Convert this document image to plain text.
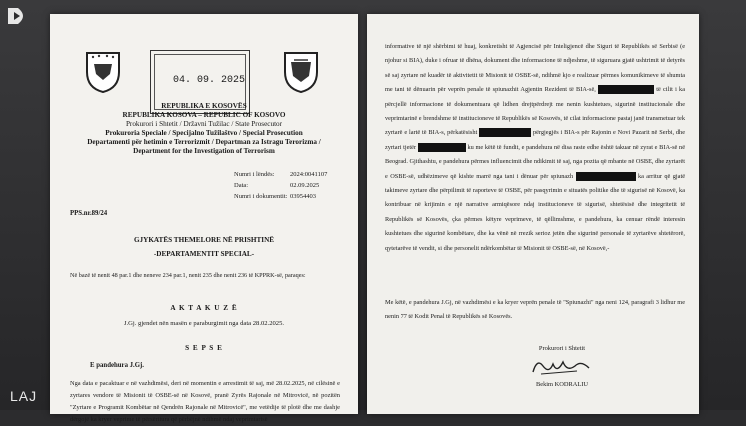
LAJ

04. 09. 2025

REPUBLIKA E KOSOVËS
REPUBLIKA KOSOVA – REPUBLIC OF KOSOVO
Prokurori i Shtetit / Državni Tužilac / State Prosecutor
Prokuroria Speciale / Specijalno Tužilaštvo / Special Prosecution
Departamenti për hetimin e Terrorizmit / Departman za Istragu Terorizma /
Department for the Investigation of Terrorism
Numri i lëndës:	2024:0041107
Data:	02.09.2025
Numri i dokumentit: 03954403
PPS.nr.89/24
GJYKATËS THEMELORE NË PRISHTINË
-DEPARTAMENTIT SPECIAL-
Në bazë të nenit 48 par.1 dhe neneve 234 par.1, nenit 235 dhe nenit 236 të KPPRK-së, paraqes:
A K T A K U Z Ë
J.Gj. gjendet nën masën e paraburgimit nga data 28.02.2025.
S E P S E
E pandehura J.Gj.
Nga data e pacaktuar e në vazhdimësi, deri në momentin e arrestimit të saj, më 28.02.2025, në cilësinë e zyrtares vendore të Misionit të OSBE-së në Kosovë, pranë Zyrës Rajonale në Mitrovicë, në pozitën "Zyrtare e Programit Kombëtar në Qendrën Rajonale në Mitrovicë", me vetëdije të plotë dhe me dashje dërgojë ka kryer veprime të përsëritura që përbëjnë ndihmë ndaj veprimtarisë
informative të një shërbimi të huaj, konkretisht të Agjencisë për Inteligjencë dhe Siguri të Republikës së Serbisë (e njohur si BIA), duke i ofruar të dhëna, dokument dhe informacione të ndjeshme, të siguruara gjatë ushtrimit të detyrës së saj zyrtare në kuadër të aktivitetit të Misionit të OSBE-së, ndihmë kjo e realizuar përmes komunikimeve të shumta me tani të dënuarin për veprën penale të spiunazhit Agjentin Rezident të BIA-së,	të cilit i ka përcjellë informacione të dokumentuara që lidhen drejtpërdrejt me nenin kushtetues, sigurinë institucionale dhe veprimtarinë e brendshme të institucioneve të Republikës së Kosovës, të cilat informacione pastaj janë transmetuar tek zyrtarë e lartë të BIA-s, përkatësisht	përgjegjës i BIA-s për Rajonin e Novi Pazarit në Serbi, dhe zyrtari tjetër	ku me këtë të fundit, e pandehura në disa raste edhe është takuar në zyrat e BIA-së në Beograd. Gjithashtu, e pandehura përmes influencimit dhe ndikimit të saj, nga pozita që mbante në OSBE, dhe zyrtarët e OSBE-së, udhëzimeve që kishte marrë nga tani i dënuar për spiunazh	ka arritur që gjatë takimeve zyrtare dhe përpilimit të raporteve të OSBE, për pasqyrimin e situatës politike dhe të sigurisë në Kosovë, ka kontribuar në krijimin e një narrative armiqësore ndaj institucioneve të sigurisë, shtetësisë dhe integritetit të Republikës së Kosovës, çka përmes këtyre veprimeve, të qëllimshme, e pandehura, ka cenuar rëndë interesin kushtetues dhe sigurinë kombëtare, dhe ka vënë në rrezik serioz jetën dhe sigurinë personale të zyrtarëve shtetërorë, qytetarëve të vendit, si dhe personelit ndërkombëtar të Misionit të OSBE-së, në Kosovë,-
Me këtë, e pandehura J.Gj, në vazhdimësi e ka kryer veprën penale të "Spiunazhi" nga neni 124, paragrafi 3 lidhur me nenin 77 të Kodit Penal të Republikës së Kosovës.
Prokurori i Shtetit
Bekim KODRALIU
